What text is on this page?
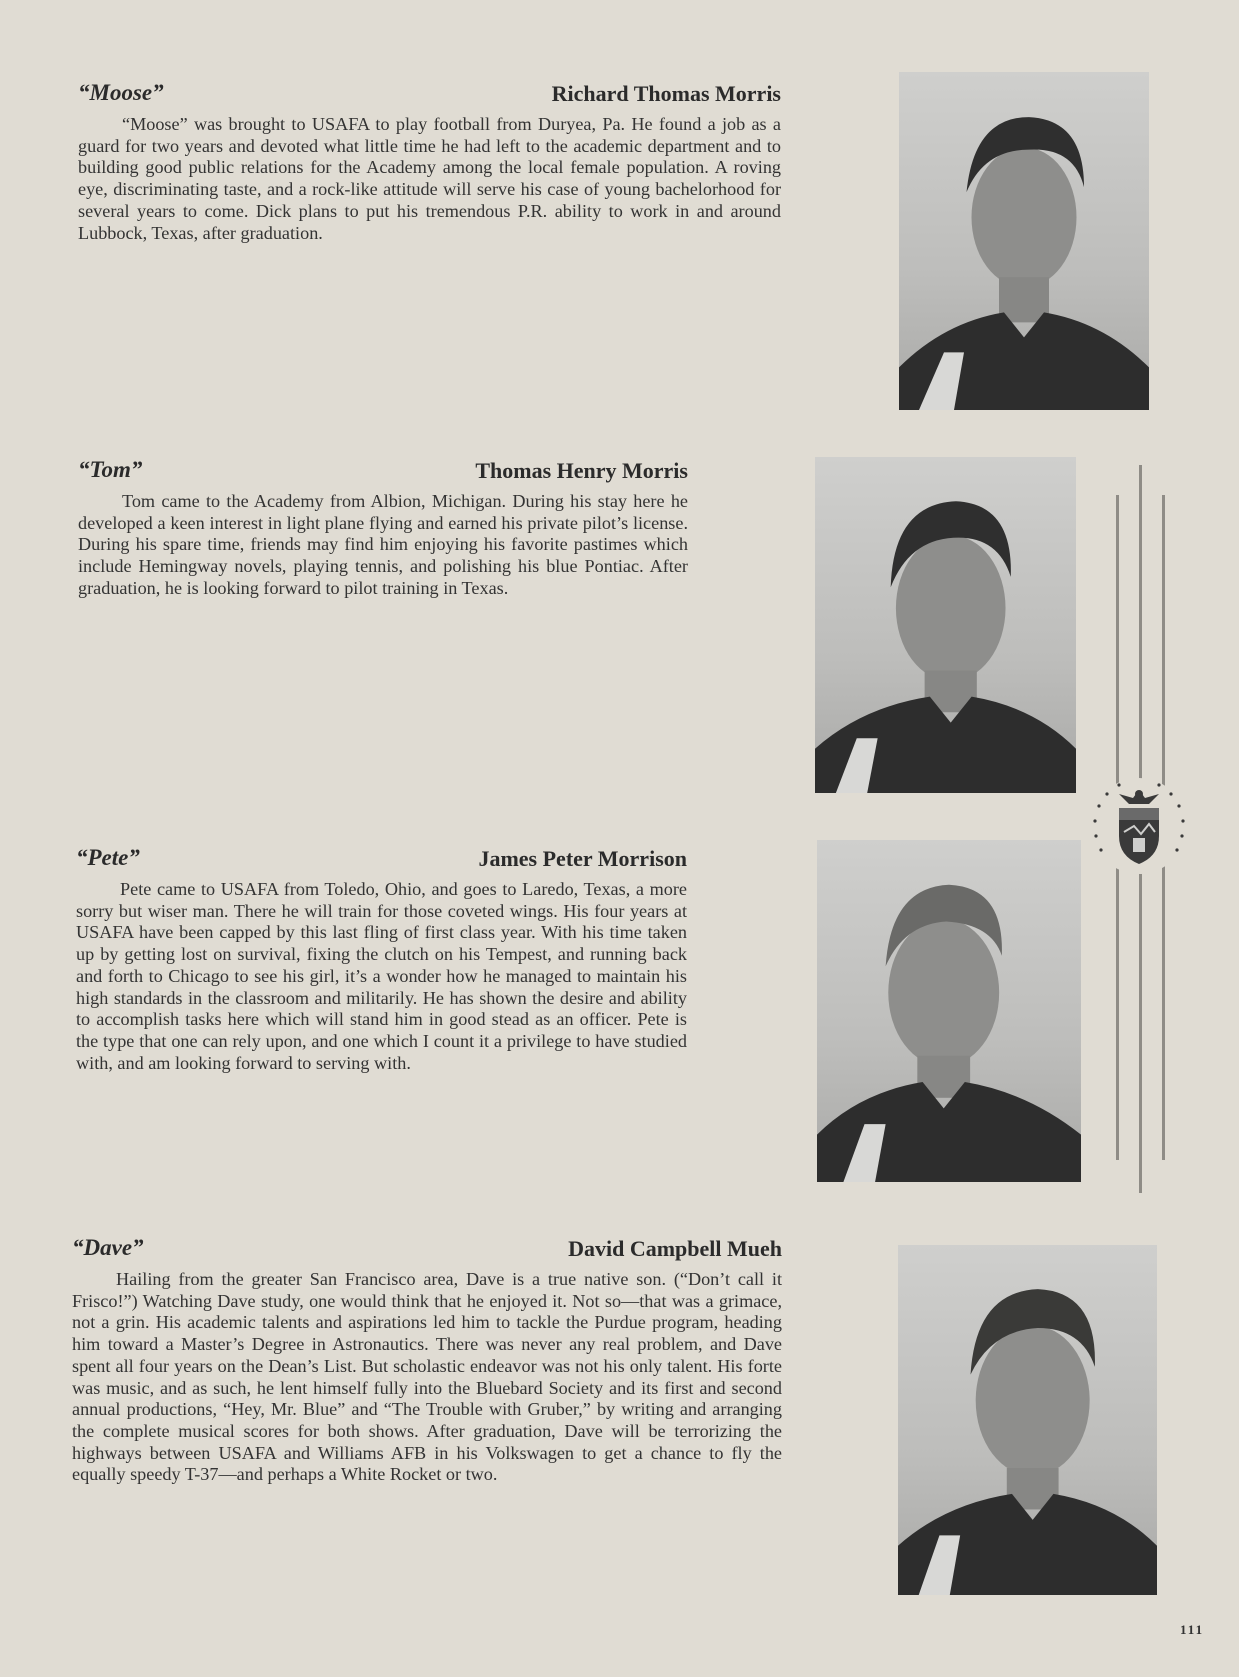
“Moose”	Richard Thomas Morris

“Moose” was brought to USAFA to play football from Duryea, Pa. He found a job as a guard for two years and devoted what little time he had left to the academic department and to building good public relations for the Academy among the local female population. A roving eye, discriminating taste, and a rock-like attitude will serve his case of young bachelorhood for several years to come. Dick plans to put his tremendous P.R. ability to work in and around Lubbock, Texas, after graduation.

“Tom”	Thomas Henry Morris

Tom came to the Academy from Albion, Michigan. During his stay here he developed a keen interest in light plane flying and earned his private pilot’s license. During his spare time, friends may find him enjoying his favorite pastimes which include Hemingway novels, playing tennis, and polishing his blue Pontiac. After graduation, he is looking forward to pilot training in Texas.

“Pete”	James Peter Morrison

Pete came to USAFA from Toledo, Ohio, and goes to Laredo, Texas, a more sorry but wiser man. There he will train for those coveted wings. His four years at USAFA have been capped by this last fling of first class year. With his time taken up by getting lost on survival, fixing the clutch on his Tempest, and running back and forth to Chicago to see his girl, it’s a wonder how he managed to maintain his high standards in the classroom and militarily. He has shown the desire and ability to accomplish tasks here which will stand him in good stead as an officer. Pete is the type that one can rely upon, and one which I count it a privilege to have studied with, and am looking forward to serving with.

“Dave”	David Campbell Mueh

Hailing from the greater San Francisco area, Dave is a true native son. (“Don’t call it Frisco!”) Watching Dave study, one would think that he enjoyed it. Not so—that was a grimace, not a grin. His academic talents and aspirations led him to tackle the Purdue program, heading him toward a Master’s Degree in Astronautics. There was never any real problem, and Dave spent all four years on the Dean’s List. But scholastic endeavor was not his only talent. His forte was music, and as such, he lent himself fully into the Bluebard Society and its first and second annual productions, “Hey, Mr. Blue” and “The Trouble with Gruber,” by writing and arranging the complete musical scores for both shows. After graduation, Dave will be terrorizing the highways between USAFA and Williams AFB in his Volkswagen to get a chance to fly the equally speedy T-37—and perhaps a White Rocket or two.

111
